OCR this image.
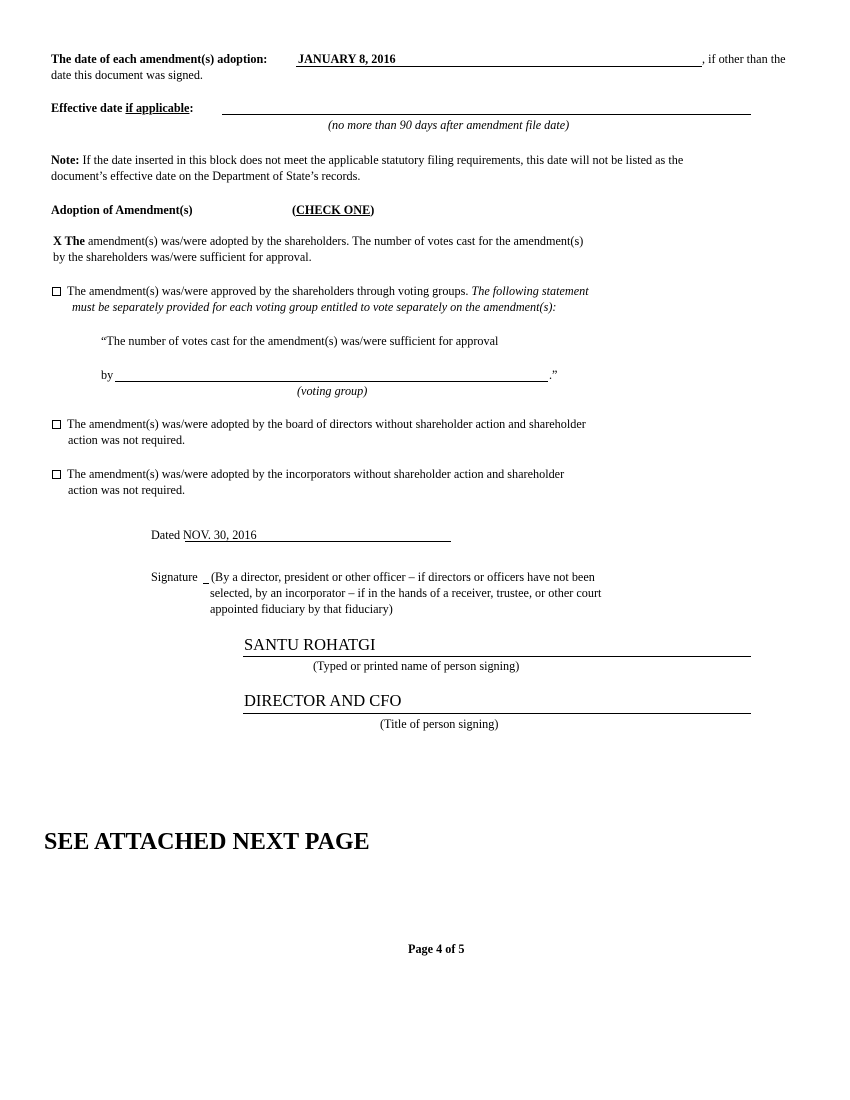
The date of each amendment(s) adoption:	JANUARY 8, 2016	, if other than the
date this document was signed.
Effective date if applicable:
(no more than 90 days after amendment file date)
Note: If the date inserted in this block does not meet the applicable statutory filing requirements, this date will not be listed as the
document’s effective date on the Department of State’s records.
Adoption of Amendment(s)	(CHECK ONE)
X The amendment(s) was/were adopted by the shareholders. The number of votes cast for the amendment(s)
by the shareholders was/were sufficient for approval.
The amendment(s) was/were approved by the shareholders through voting groups. The following statement
must be separately provided for each voting group entitled to vote separately on the amendment(s):
“The number of votes cast for the amendment(s) was/were sufficient for approval
by	.”
(voting group)
The amendment(s) was/were adopted by the board of directors without shareholder action and shareholder
action was not required.
The amendment(s) was/were adopted by the incorporators without shareholder action and shareholder
action was not required.
Dated NOV. 30, 2016
Signature (By a director, president or other officer – if directors or officers have not been
selected, by an incorporator – if in the hands of a receiver, trustee, or other court
appointed fiduciary by that fiduciary)
SANTU ROHATGI
(Typed or printed name of person signing)
DIRECTOR AND CFO
(Title of person signing)
SEE ATTACHED NEXT PAGE
Page 4 of 5
